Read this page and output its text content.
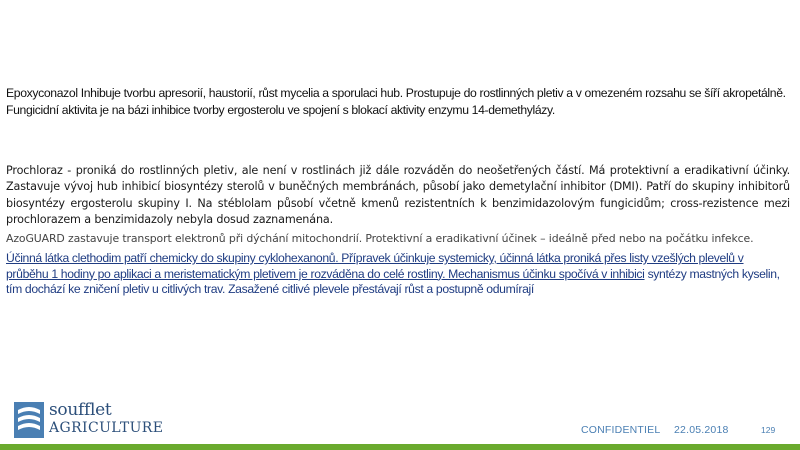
Epoxyconazol Inhibuje tvorbu apresorií, haustorií, růst mycelia a sporulaci hub. Prostupuje do rostlinných pletiv a v omezeném rozsahu se šíří akropetálně. Fungicidní aktivita je na bázi inhibice tvorby ergosterolu ve spojení s blokací aktivity enzymu 14-demethylázy.

Prochloraz - proniká do rostlinných pletiv, ale není v rostlinách již dále rozváděn do neošetřených částí. Má protektivní a eradikativní účinky. Zastavuje vývoj hub inhibicí biosyntézy sterolů v buněčných membránách, působí jako demetylační inhibitor (DMI). Patří do skupiny inhibitorů biosyntézy ergosterolu skupiny I. Na stéblolam působí včetně kmenů rezistentních k benzimidazolovým fungicidům; cross-rezistence mezi prochlorazem a benzimidazoly nebyla dosud zaznamenána.

AzoGUARD zastavuje transport elektronů při dýchání mitochondrií. Protektivní a eradikativní účinek – ideálně před nebo na počátku infekce.

Účinná látka clethodim patří chemicky do skupiny cyklohexanonů. Přípravek účinkuje systemicky, účinná látka proniká přes listy vzešlých plevelů v průběhu 1 hodiny po aplikaci a meristematickým pletivem je rozváděna do celé rostliny. Mechanismus účinku spočívá v inhibici syntézy mastných kyselin, tím dochází ke zničení pletiv u citlivých trav. Zasažené citlivé plevele přestávají růst a postupně odumírají

soufflet
AGRICULTURE	CONFIDENTIEL 22.05.2018	129
